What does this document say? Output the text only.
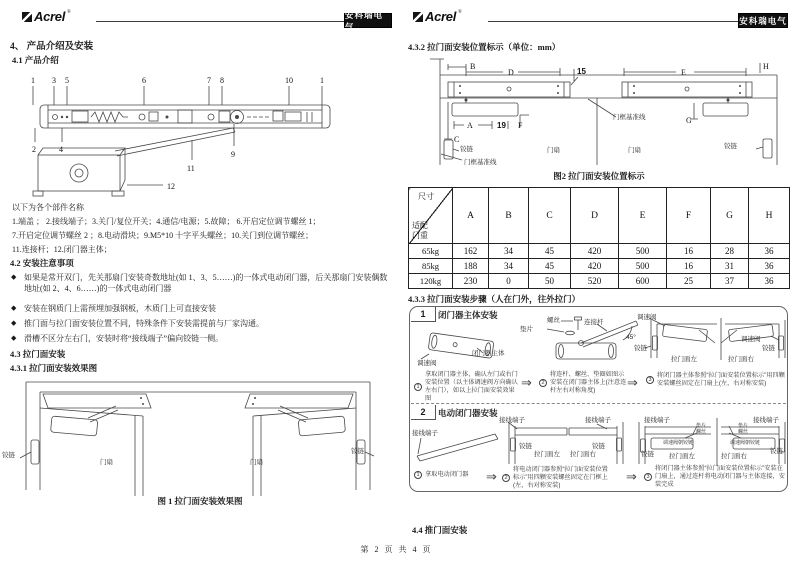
Acrel ®	安科瑞电气
4、 产品介绍及安装
4.1 产品介绍
1 3 5	6	7 8	10	1
2	4
9
11
12
以下为各个部件名称
1.端盖 ； 2.接线端子；3.关门/复位开关；4.通信/电源；5.故障； 6.开启定位调节螺丝 1；
7.开启定位调节螺丝 2 ；8.电动滑块；9.M5*10 十字平头螺丝；10.关门到位调节螺丝；
11.连接杆；12.闭门器主体；
4.2 安装注意事项
◆ 如果是常开双门，先关那扇门安装奇数地址(如 1、3、5……)的一体式电动闭门器，后关那扇门安装偶数地址(如 2、4、6……)的一体式电动闭门器
◆ 安装在钢质门上需预埋加强钢板，木质门上可直接安装
◆ 推门面与拉门面安装位置不同，特殊条件下安装需提前与厂家沟通。
◆ 滑槽不区分左右门，安装时将“接线端子”偏向铰链一侧。
4.3 拉门面安装
4.3.1 拉门面安装效果图
铰链
门扇	门扇
铰链
图 1 拉门面安装效果图
Acrel ®
安科瑞电气
4.3.2 拉门面安装位置标示（单位：mm）
B
D	15	E
H
A	19 F
C
G
门框基准线
铰链
门框基准线
门扇	门扇
铰链
图2 拉门面安装位置标示
尺寸
适配门重	A	B	C	D	E	F	G	H
65kg	162	34	45	420	500	16	28	36
85kg	188	34	45	420	500	16	31	36
120kg	230	0	50	520	600	25	37	36
4.3.3 拉门面安装步骤（人在门外，往外拉门）
1	闭门器主体安装
调速阀
闭门器主体
螺丝
垫片
连接杆
45°
调速阀
铰链
拉门面左	拉门面右
调速阀
铰链
1

拿取闭门器主体，确认左门或右门安装位置（以主体调速阀方向确认左右门），如以上拉门面安装效果图

⇒	2

将连杆、螺丝、垫圈如图示安装在闭门器主体上(注意连杆左右对称角度)	⇒	3

将闭门器主体参照“拉门面安装位置标示”用四颗安装螺丝固定在门扇上(左，右对称安装)

2	电动闭门器安装
接线端子
接线端子
铰链
拉门面左 拉门面右
铰链
接线端子	接线端子
垫片
螺丝
调速阀朝铰链
铰链 拉门面左
垫片
螺丝
调速阀朝铰链
拉门面右
铰链
接线端子
1 拿取电动闭门器 ⇒	2

将电动闭门器参照“拉门面安装位置标示”用四颗安装螺丝固定在门框上(左，右对称安装)

⇒	3

将闭门器主体参照“拉门面安装位置标示”安装在门扇上，通过连杆将电动闭门器与主体连接，安装完成

4.4 推门面安装
第 2 页 共 4 页
